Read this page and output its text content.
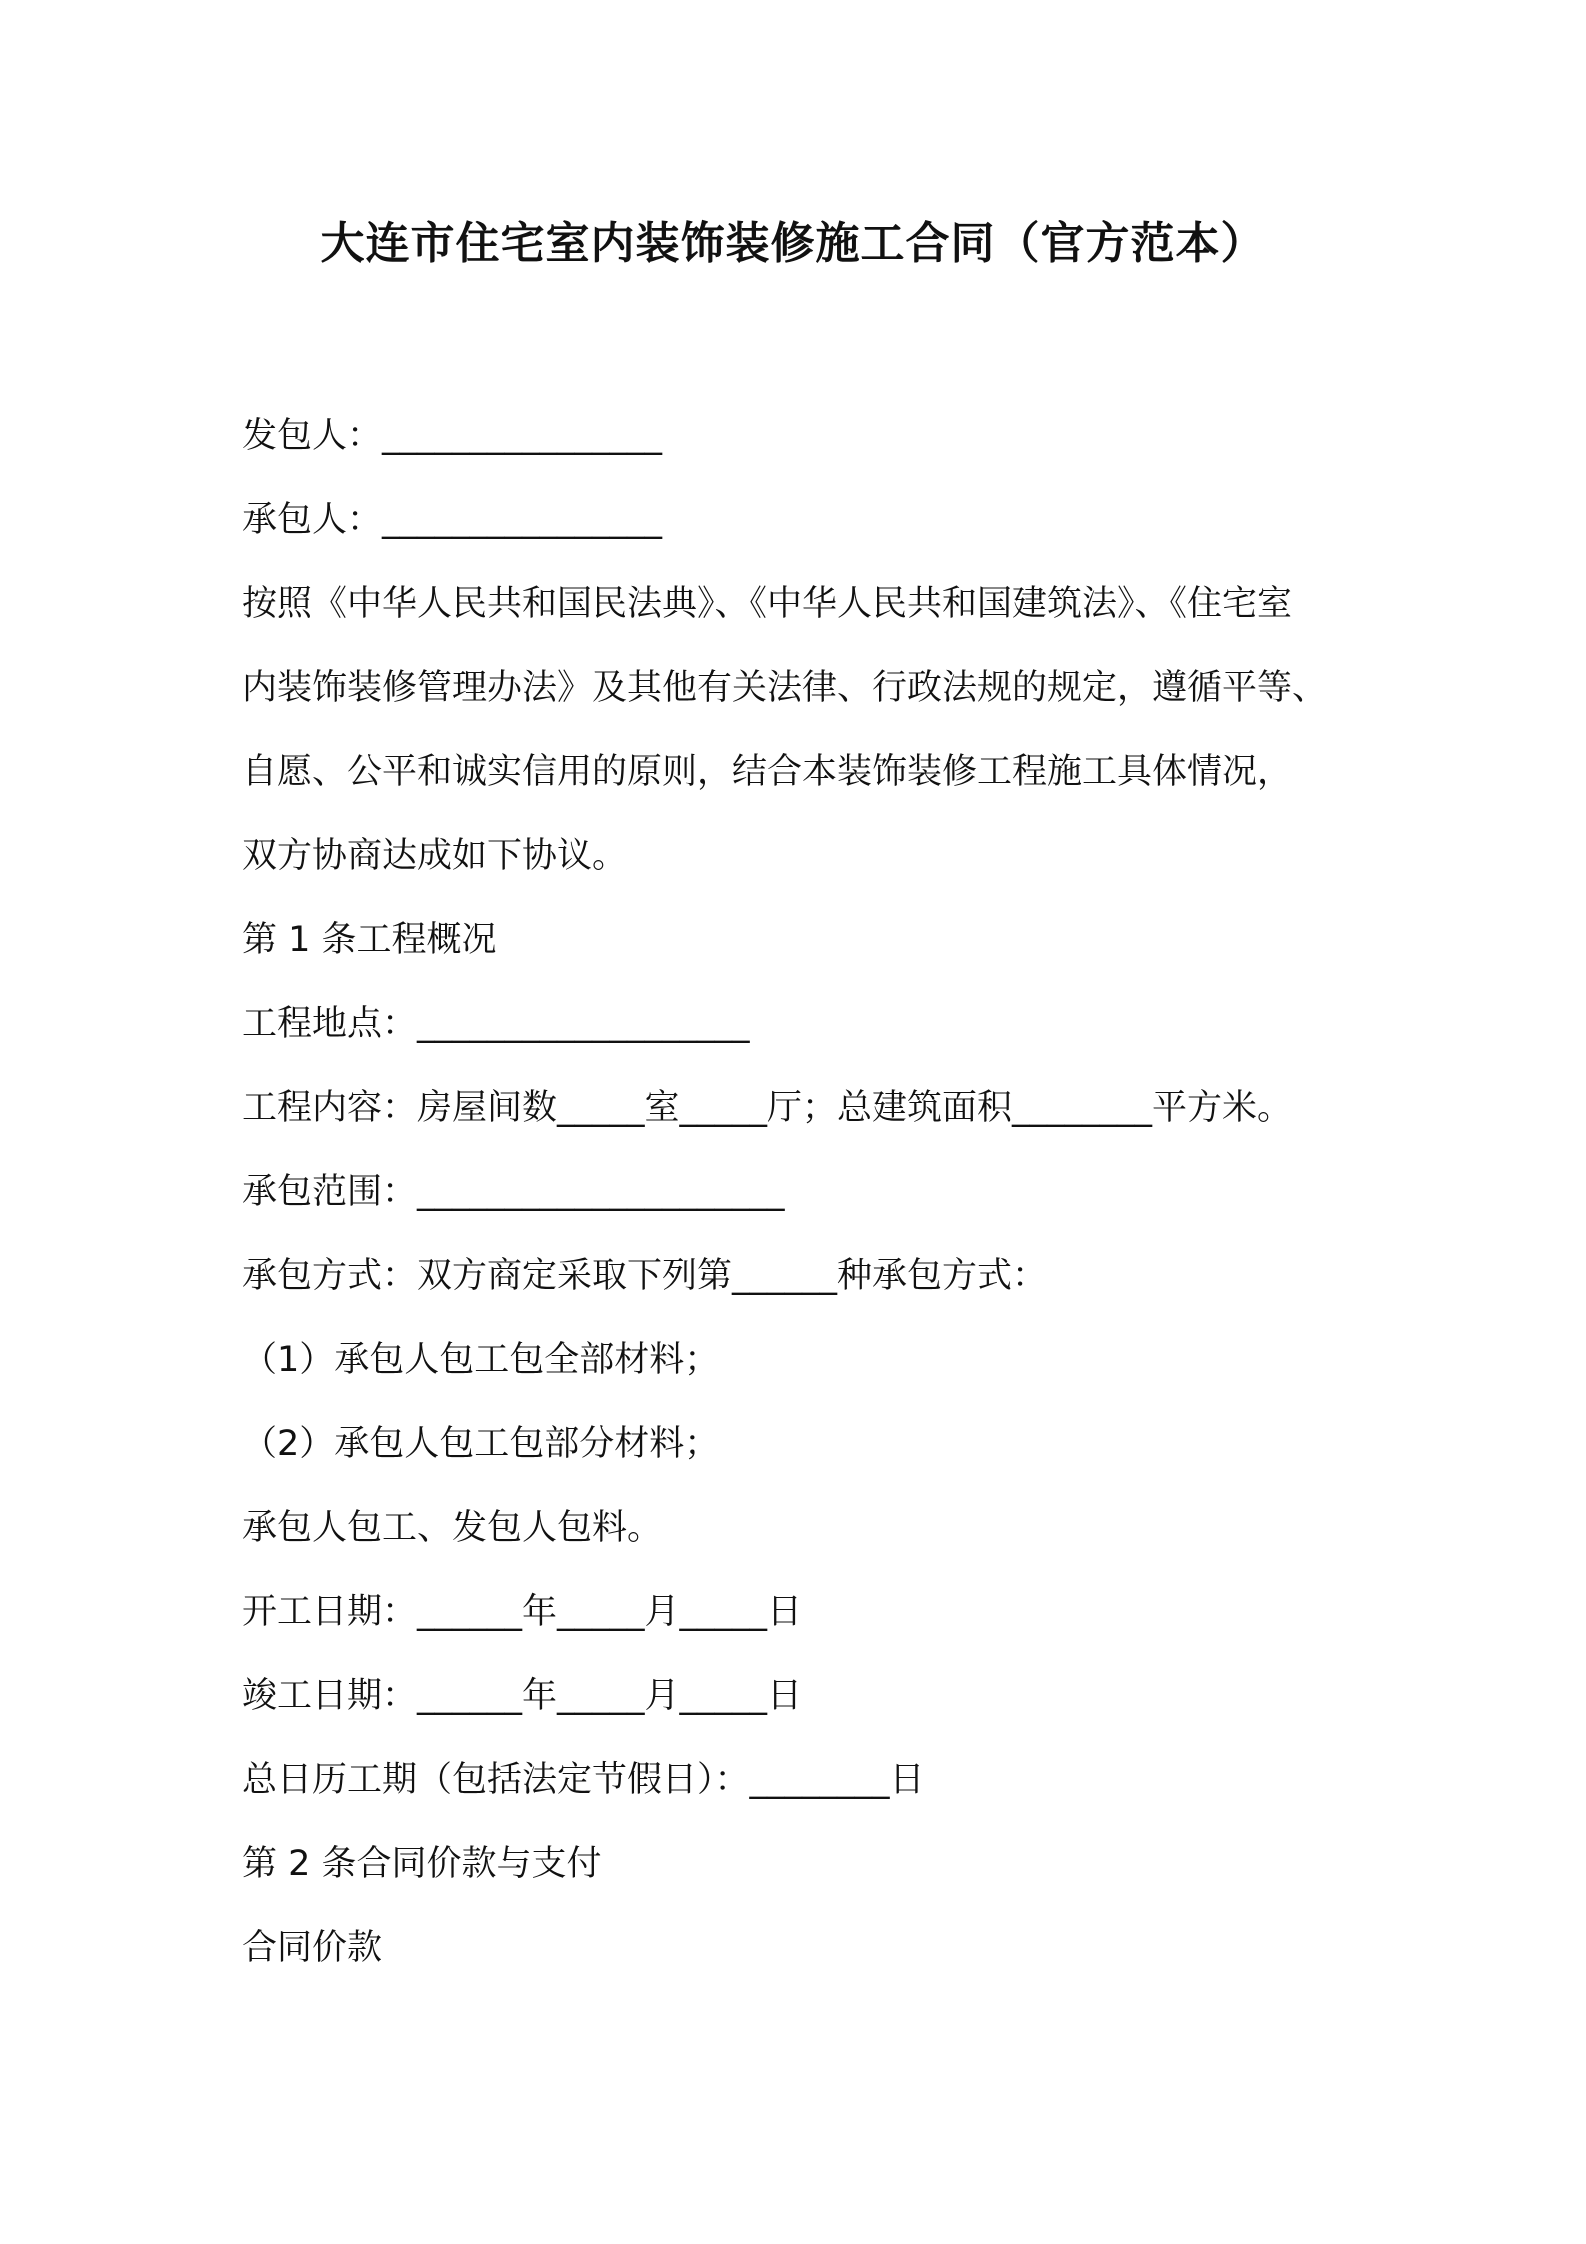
大连市住宅室内装饰装修施工合同（官方范本）

发包人：________________

承包人：________________

按照《中华人民共和国民法典》、《中华人民共和国建筑法》、《住宅室

内装饰装修管理办法》及其他有关法律、行政法规的规定，遵循平等、

自愿、公平和诚实信用的原则，结合本装饰装修工程施工具体情况，

双方协商达成如下协议。

第 1 条工程概况

工程地点：___________________

工程内容：房屋间数_____室_____厅；总建筑面积________平方米。

承包范围：_____________________

承包方式：双方商定采取下列第______种承包方式：

（1）承包人包工包全部材料；

（2）承包人包工包部分材料；

承包人包工、发包人包料。

开工日期：______年_____月_____日

竣工日期：______年_____月_____日

总日历工期（包括法定节假日）：________日

第 2 条合同价款与支付

合同价款
